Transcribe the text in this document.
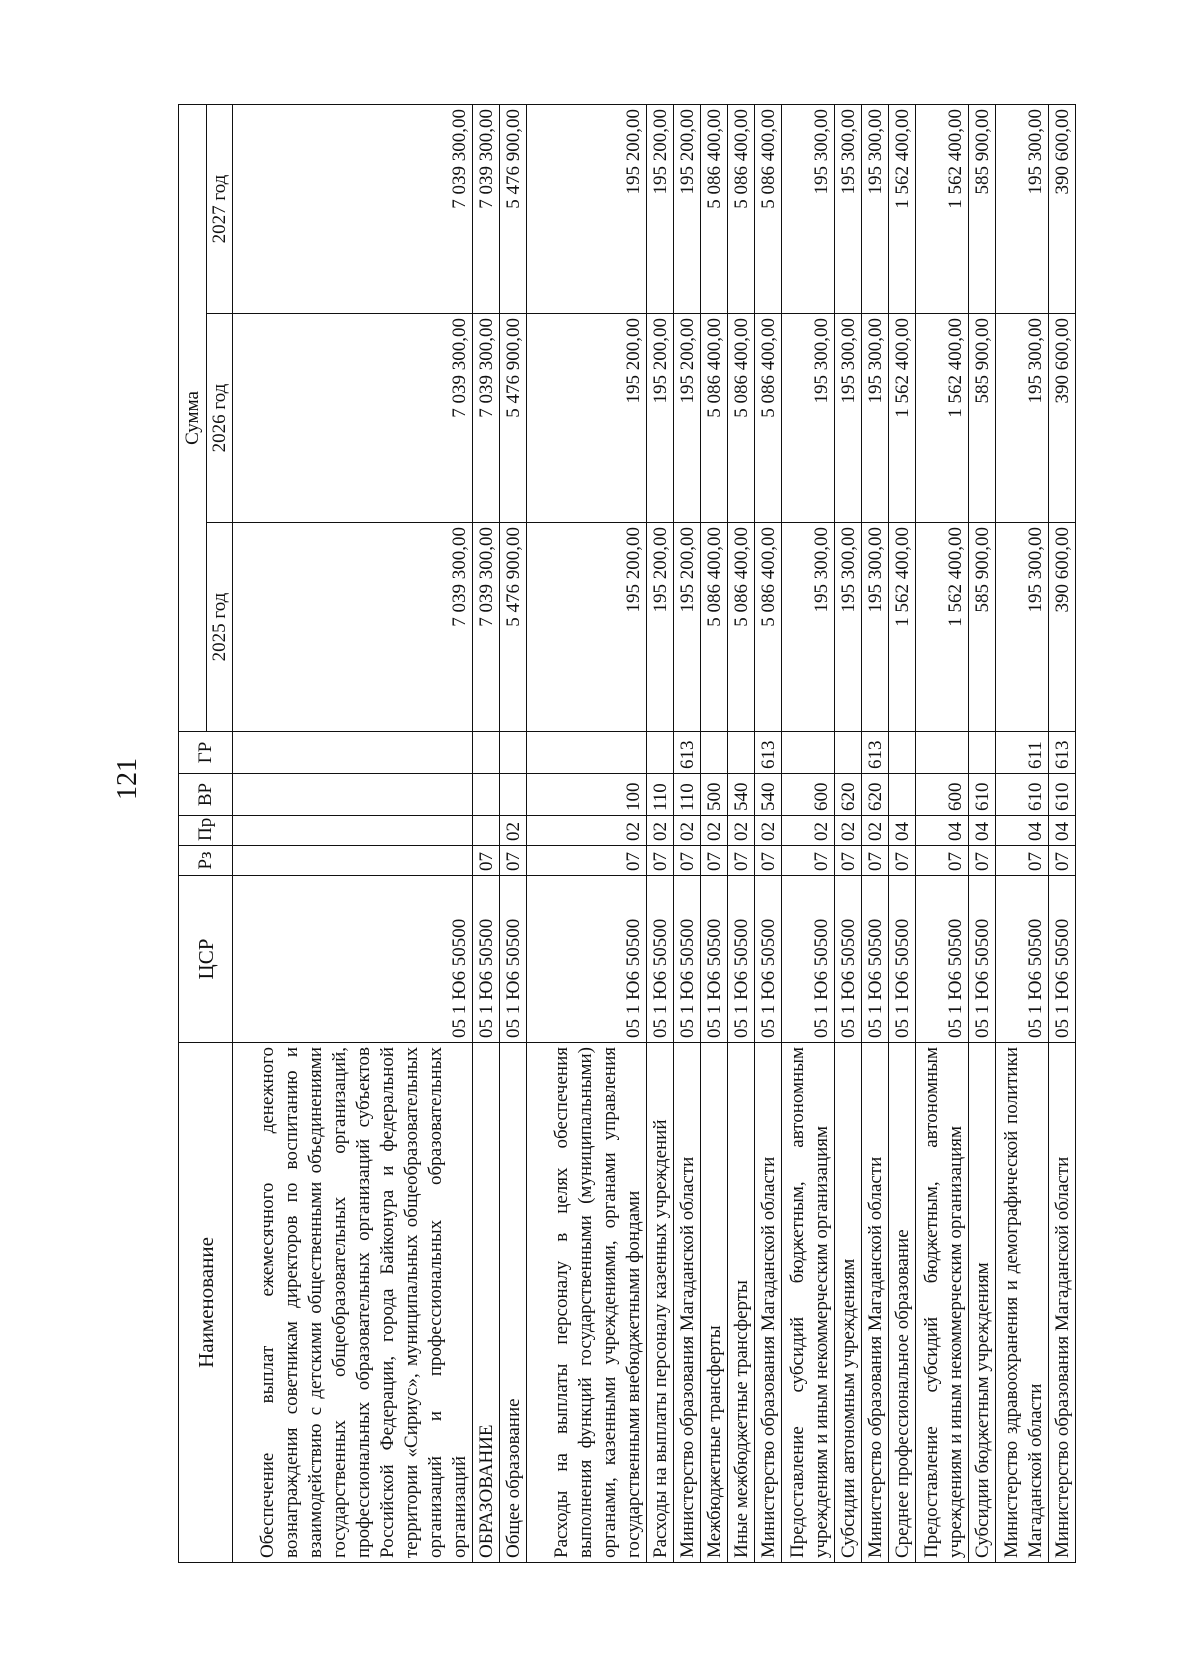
121
Наименование	ЦСР	Рз	Пр	ВР	ГР	Сумма		
						2025 год	2026 год	2027 год
Обеспечение выплат ежемесячного денежного вознаграждения советникам директоров по воспитанию и взаимодействию с детскими общественными объединениями государственных общеобразовательных организаций, профессиональных образовательных организаций субъектов Российской Федерации, города Байконура и федеральной территории «Сириус», муниципальных общеобразовательных организаций и профессиональных образовательных организаций	05 1 Ю6 50500					7 039 300,00	7 039 300,00	7 039 300,00
ОБРАЗОВАНИЕ	05 1 Ю6 50500	07				7 039 300,00	7 039 300,00	7 039 300,00
Общее образование	05 1 Ю6 50500	07	02			5 476 900,00	5 476 900,00	5 476 900,00
Расходы на выплаты персоналу в целях обеспечения выполнения функций государственными (муниципальными) органами, казенными учреждениями, органами управления государственными внебюджетными фондами	05 1 Ю6 50500	07	02	100		195 200,00	195 200,00	195 200,00
Расходы на выплаты персоналу казенных учреждений	05 1 Ю6 50500	07	02	110		195 200,00	195 200,00	195 200,00
Министерство образования Магаданской области	05 1 Ю6 50500	07	02	110	613	195 200,00	195 200,00	195 200,00
Межбюджетные трансферты	05 1 Ю6 50500	07	02	500		5 086 400,00	5 086 400,00	5 086 400,00
Иные межбюджетные трансферты	05 1 Ю6 50500	07	02	540		5 086 400,00	5 086 400,00	5 086 400,00
Министерство образования Магаданской области	05 1 Ю6 50500	07	02	540	613	5 086 400,00	5 086 400,00	5 086 400,00
Предоставление субсидий бюджетным, автономным учреждениям и иным некоммерческим организациям	05 1 Ю6 50500	07	02	600		195 300,00	195 300,00	195 300,00
Субсидии автономным учреждениям	05 1 Ю6 50500	07	02	620		195 300,00	195 300,00	195 300,00
Министерство образования Магаданской области	05 1 Ю6 50500	07	02	620	613	195 300,00	195 300,00	195 300,00
Среднее профессиональное образование	05 1 Ю6 50500	07	04			1 562 400,00	1 562 400,00	1 562 400,00
Предоставление субсидий бюджетным, автономным учреждениям и иным некоммерческим организациям	05 1 Ю6 50500	07	04	600		1 562 400,00	1 562 400,00	1 562 400,00
Субсидии бюджетным учреждениям	05 1 Ю6 50500	07	04	610		585 900,00	585 900,00	585 900,00
Министерство здравоохранения и демографической политики Магаданской области	05 1 Ю6 50500	07	04	610	611	195 300,00	195 300,00	195 300,00
Министерство образования Магаданской области	05 1 Ю6 50500	07	04	610	613	390 600,00	390 600,00	390 600,00
